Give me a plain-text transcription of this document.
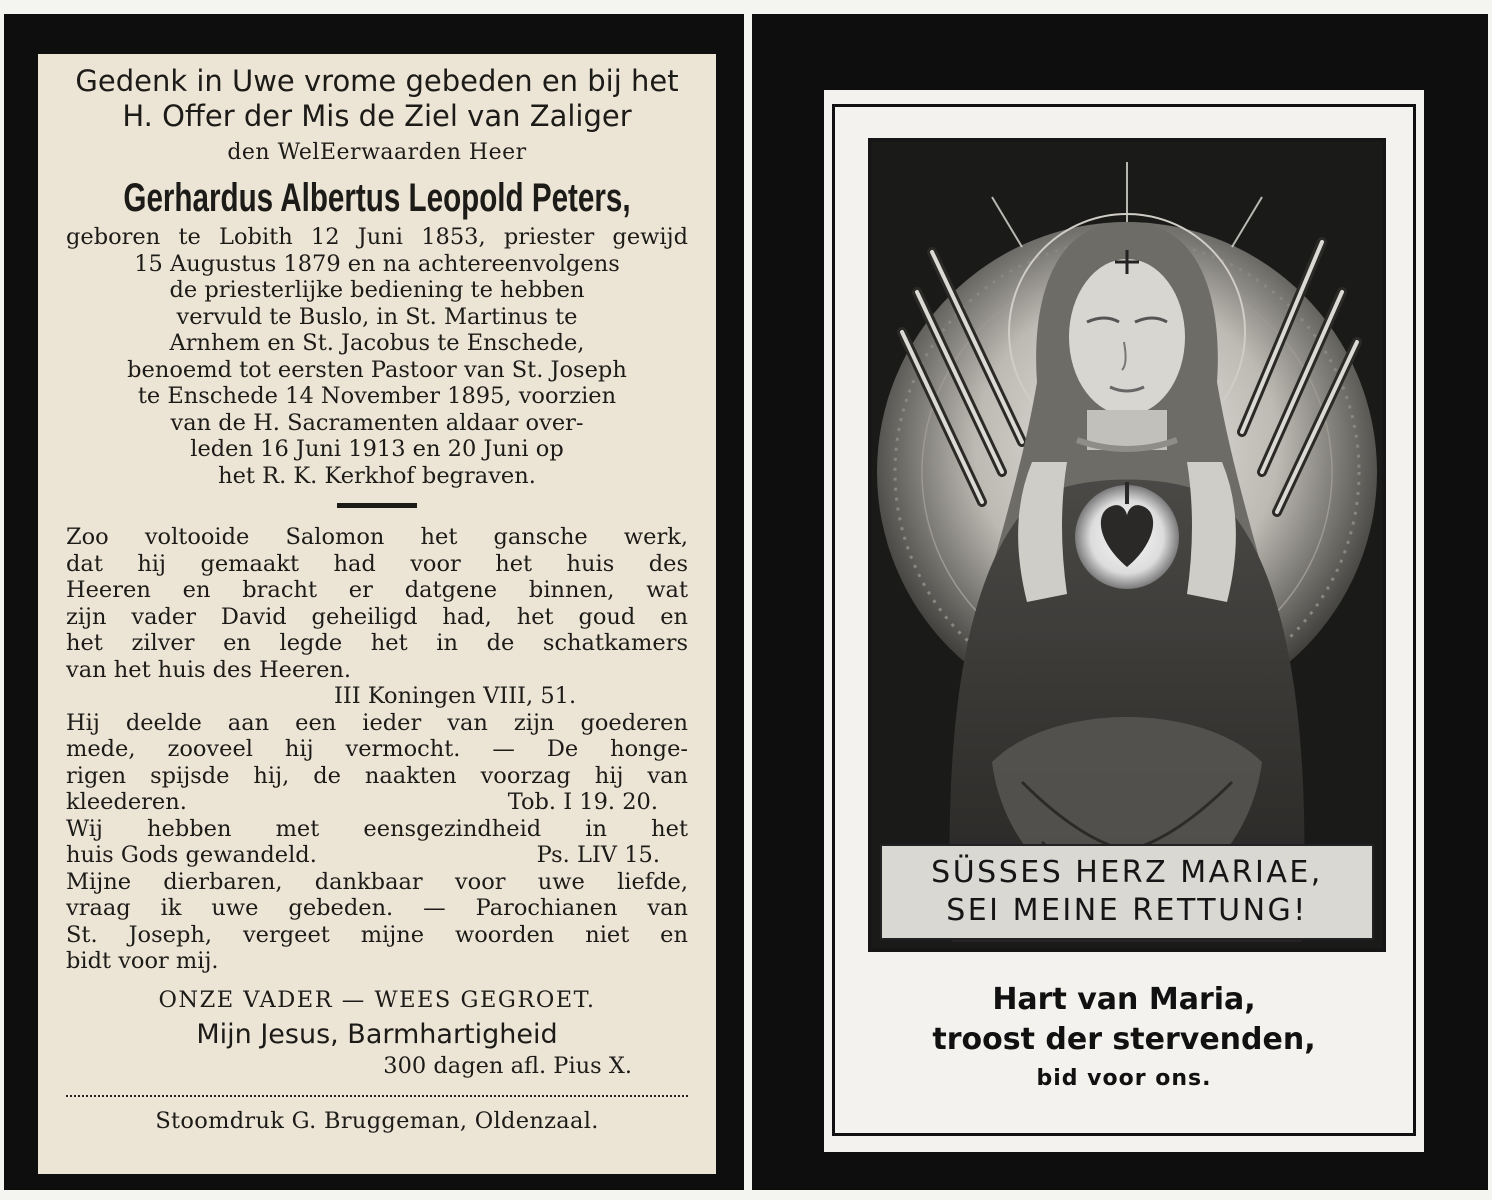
Gedenk in Uwe vrome gebeden en bij het
H. Offer der Mis de Ziel van Zaliger
den WelEerwaarden Heer
Gerhardus Albertus Leopold Peters,
geboren te Lobith 12 Juni 1853, priester gewijd
15 Augustus 1879 en na achtereenvolgens
de priesterlijke bediening te hebben
vervuld te Buslo, in St. Martinus te
Arnhem en St. Jacobus te Enschede,
benoemd tot eersten Pastoor van St. Joseph
te Enschede 14 November 1895, voorzien
van de H. Sacramenten aldaar over-
leden 16 Juni 1913 en 20 Juni op
het R. K. Kerkhof begraven.
Zoo voltooide Salomon het gansche werk,
dat hij gemaakt had voor het huis des
Heeren en bracht er datgene binnen, wat
zijn vader David geheiligd had, het goud en
het zilver en legde het in de schatkamers
van het huis des Heeren.
III Koningen VIII, 51.
Hij deelde aan een ieder van zijn goederen
mede, zooveel hij vermocht. — De honge-
rigen spijsde hij, de naakten voorzag hij van
kleederen.	Tob. I 19. 20.
Wij hebben met eensgezindheid in het
huis Gods gewandeld.	Ps. LIV 15.
Mijne dierbaren, dankbaar voor uwe liefde,
vraag ik uwe gebeden. — Parochianen van
St. Joseph, vergeet mijne woorden niet en
bidt voor mij.
ONZE VADER — WEES GEGROET.
Mijn Jesus, Barmhartigheid
300 dagen afl. Pius X.
Stoomdruk G. Bruggeman, Oldenzaal.
SÜSSES HERZ MARIAE,
SEI MEINE RETTUNG!
Hart van Maria,
troost der stervenden,
bid voor ons.
